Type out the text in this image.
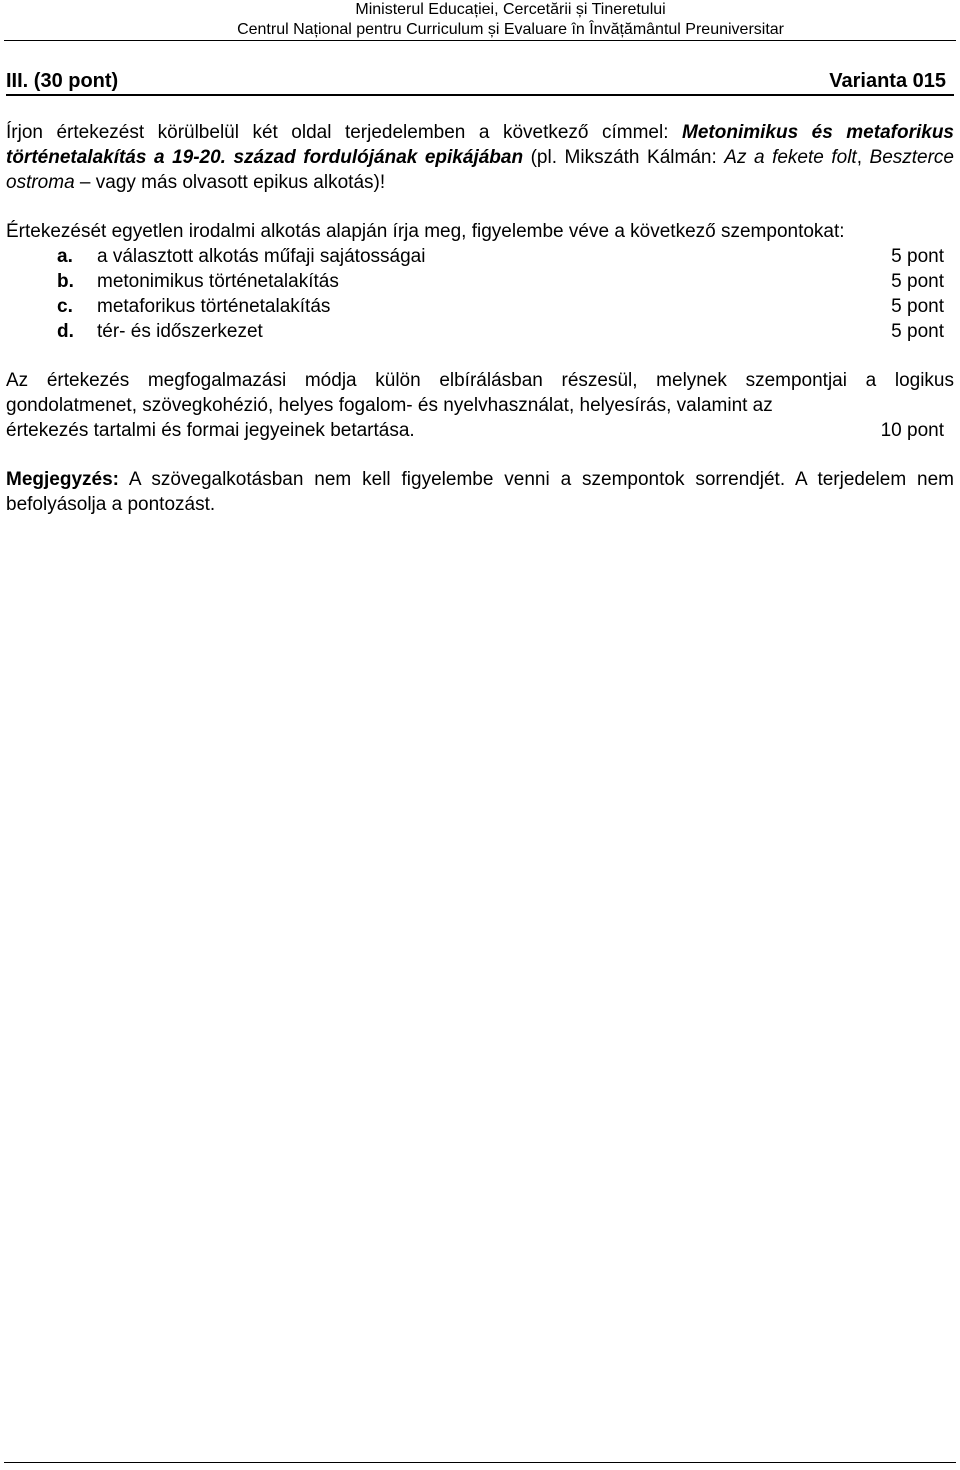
Ministerul Educației, Cercetării și Tineretului
Centrul Național pentru Curriculum și Evaluare în Învățământul Preuniversitar
III. (30 pont)	Varianta 015

Írjon értekezést körülbelül két oldal terjedelemben a következő címmel: Metonimikus és metaforikus történetalakítás a 19-20. század fordulójának epikájában (pl. Mikszáth Kálmán: Az a fekete folt, Beszterce ostroma – vagy más olvasott epikus alkotás)!

Értekezését egyetlen irodalmi alkotás alapján írja meg, figyelembe véve a következő szempontokat:

a.	a választott alkotás műfaji sajátosságai	5 pont
b.	metonimikus történetalakítás	5 pont
c.	metaforikus történetalakítás	5 pont
d.	tér- és időszerkezet	5 pont

Az értekezés megfogalmazási módja külön elbírálásban részesül, melynek szempontjai a logikus gondolatmenet, szövegkohézió, helyes fogalom- és nyelvhasználat, helyesírás, valamint az

értekezés tartalmi és formai jegyeinek betartása.	10 pont

Megjegyzés: A szövegalkotásban nem kell figyelembe venni a szempontok sorrendjét. A terjedelem nem befolyásolja a pontozást.
